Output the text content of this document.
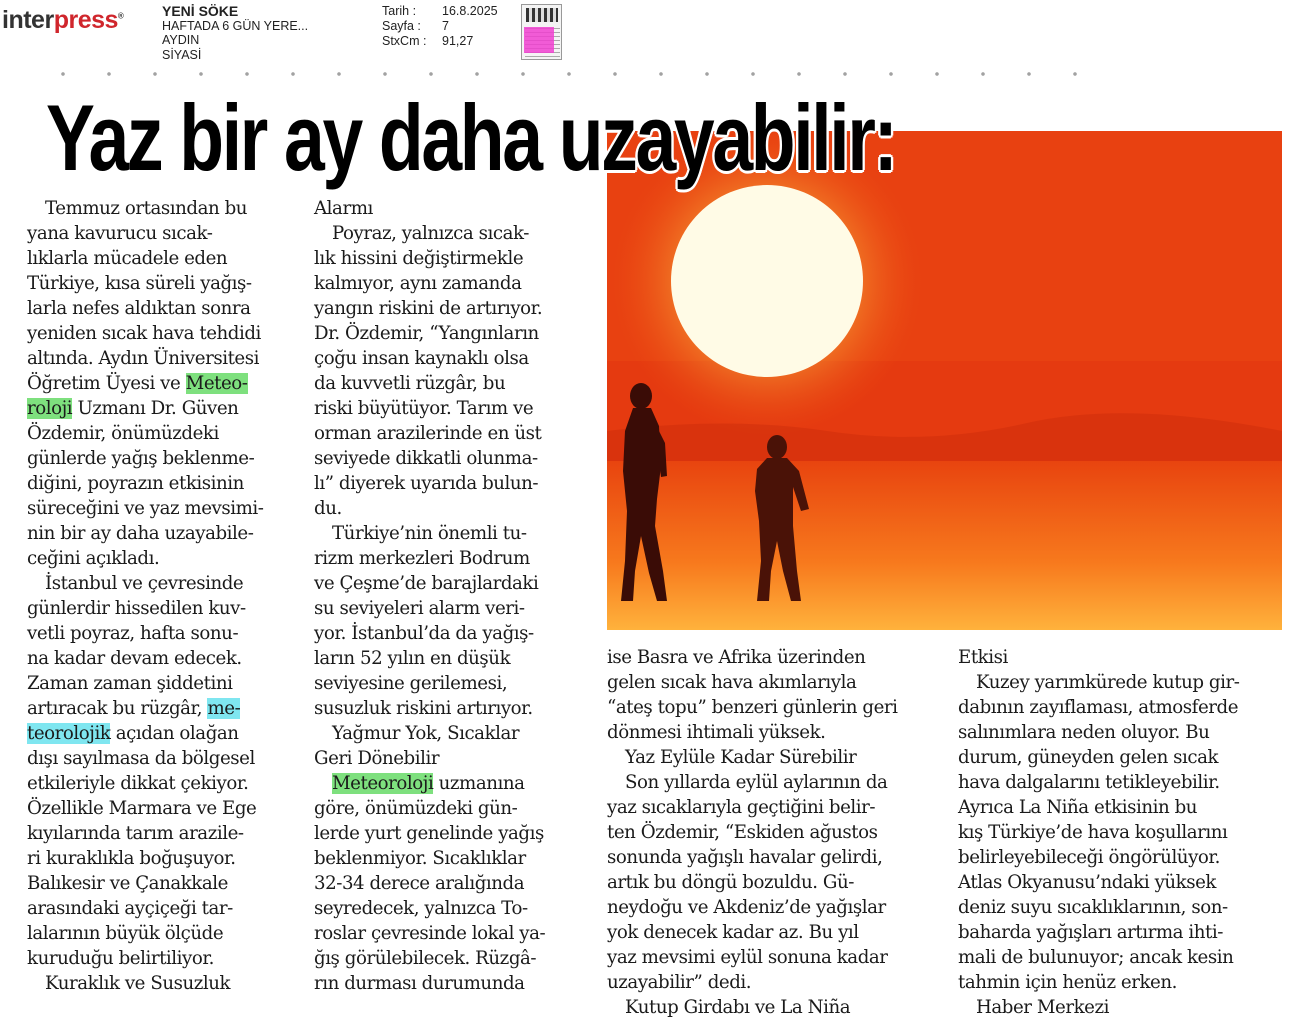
interpress®	YENİ SÖKE
HAFTADA 6 GÜN YERE...
AYDIN
SİYASİ
Tarih :	16.8.2025
Sayfa :	7
StxCm :	91,27
Yaz bir ay daha uzayabilir:
Temmuz ortasından bu
yana kavurucu sıcak-
lıklarla mücadele eden
Türkiye, kısa süreli yağış-
larla nefes aldıktan sonra
yeniden sıcak hava tehdidi
altında. Aydın Üniversitesi
Öğretim Üyesi ve Meteo-
roloji Uzmanı Dr. Güven
Özdemir, önümüzdeki
günlerde yağış beklenme-
diğini, poyrazın etkisinin
süreceğini ve yaz mevsimi-
nin bir ay daha uzayabile-
ceğini açıkladı.
İstanbul ve çevresinde
günlerdir hissedilen kuv-
vetli poyraz, hafta sonu-
na kadar devam edecek.
Zaman zaman şiddetini
artıracak bu rüzgâr, me-
teorolojik açıdan olağan
dışı sayılmasa da bölgesel
etkileriyle dikkat çekiyor.
Özellikle Marmara ve Ege
kıyılarında tarım arazile-
ri kuraklıkla boğuşuyor.
Balıkesir ve Çanakkale
arasındaki ayçiçeği tar-
lalarının büyük ölçüde
kuruduğu belirtiliyor.
Kuraklık ve Susuzluk
Alarmı
Poyraz, yalnızca sıcak-
lık hissini değiştirmekle
kalmıyor, aynı zamanda
yangın riskini de artırıyor.
Dr. Özdemir, “Yangınların
çoğu insan kaynaklı olsa
da kuvvetli rüzgâr, bu
riski büyütüyor. Tarım ve
orman arazilerinde en üst
seviyede dikkatli olunma-
lı” diyerek uyarıda bulun-
du.
Türkiye’nin önemli tu-
rizm merkezleri Bodrum
ve Çeşme’de barajlardaki
su seviyeleri alarm veri-
yor. İstanbul’da da yağış-
ların 52 yılın en düşük
seviyesine gerilemesi,
susuzluk riskini artırıyor.
Yağmur Yok, Sıcaklar
Geri Dönebilir
Meteoroloji uzmanına
göre, önümüzdeki gün-
lerde yurt genelinde yağış
beklenmiyor. Sıcaklıklar
32-34 derece aralığında
seyredecek, yalnızca To-
roslar çevresinde lokal ya-
ğış görülebilecek. Rüzgâ-
rın durması durumunda
ise Basra ve Afrika üzerinden
gelen sıcak hava akımlarıyla
“ateş topu” benzeri günlerin geri
dönmesi ihtimali yüksek.
Yaz Eylüle Kadar Sürebilir
Son yıllarda eylül aylarının da
yaz sıcaklarıyla geçtiğini belir-
ten Özdemir, “Eskiden ağustos
sonunda yağışlı havalar gelirdi,
artık bu döngü bozuldu. Gü-
neydoğu ve Akdeniz’de yağışlar
yok denecek kadar az. Bu yıl
yaz mevsimi eylül sonuna kadar
uzayabilir” dedi.
Kutup Girdabı ve La Niña
Etkisi
Kuzey yarımkürede kutup gir-
dabının zayıflaması, atmosferde
salınımlara neden oluyor. Bu
durum, güneyden gelen sıcak
hava dalgalarını tetikleyebilir.
Ayrıca La Niña etkisinin bu
kış Türkiye’de hava koşullarını
belirleyebileceği öngörülüyor.
Atlas Okyanusu’ndaki yüksek
deniz suyu sıcaklıklarının, son-
baharda yağışları artırma ihti-
mali de bulunuyor; ancak kesin
tahmin için henüz erken.
Haber Merkezi
